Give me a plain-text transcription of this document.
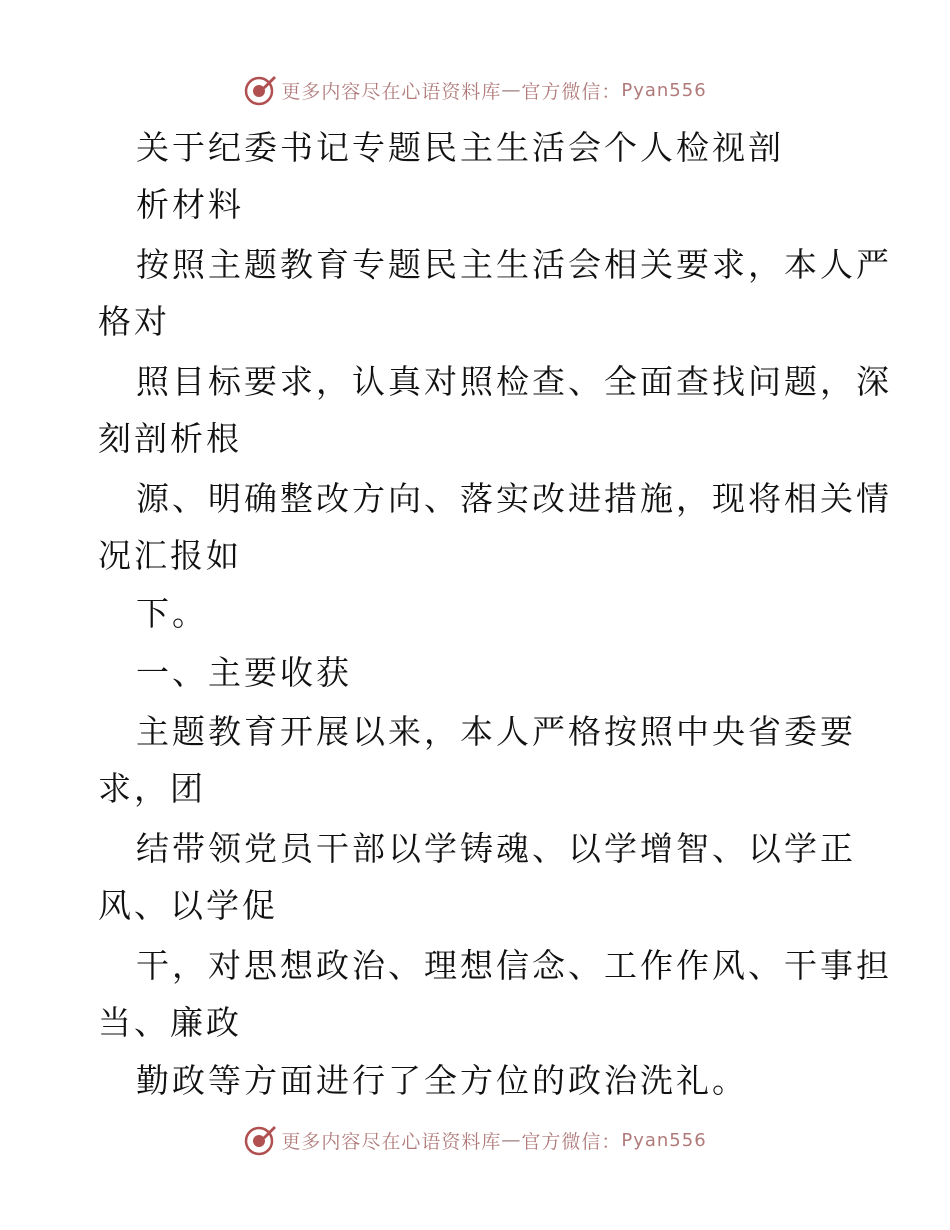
更多内容尽在心语资料库 — 官方微信： Pyan556
关于纪委书记专题民主生活会个人检视剖
析材料
按照主题教育专题民主生活会相关要求，本人严
格对
照目标要求，认真对照检查、全面查找问题，深
刻剖析根
源、明确整改方向、落实改进措施，现将相关情
况汇报如
下。
一、主要收获
主题教育开展以来，本人严格按照中央省委要
求，团
结带领党员干部以学铸魂、以学增智、以学正
风、以学促
干，对思想政治、理想信念、工作作风、干事担
当、廉政
勤政等方面进行了全方位的政治洗礼。
更多内容尽在心语资料库 — 官方微信： Pyan556
